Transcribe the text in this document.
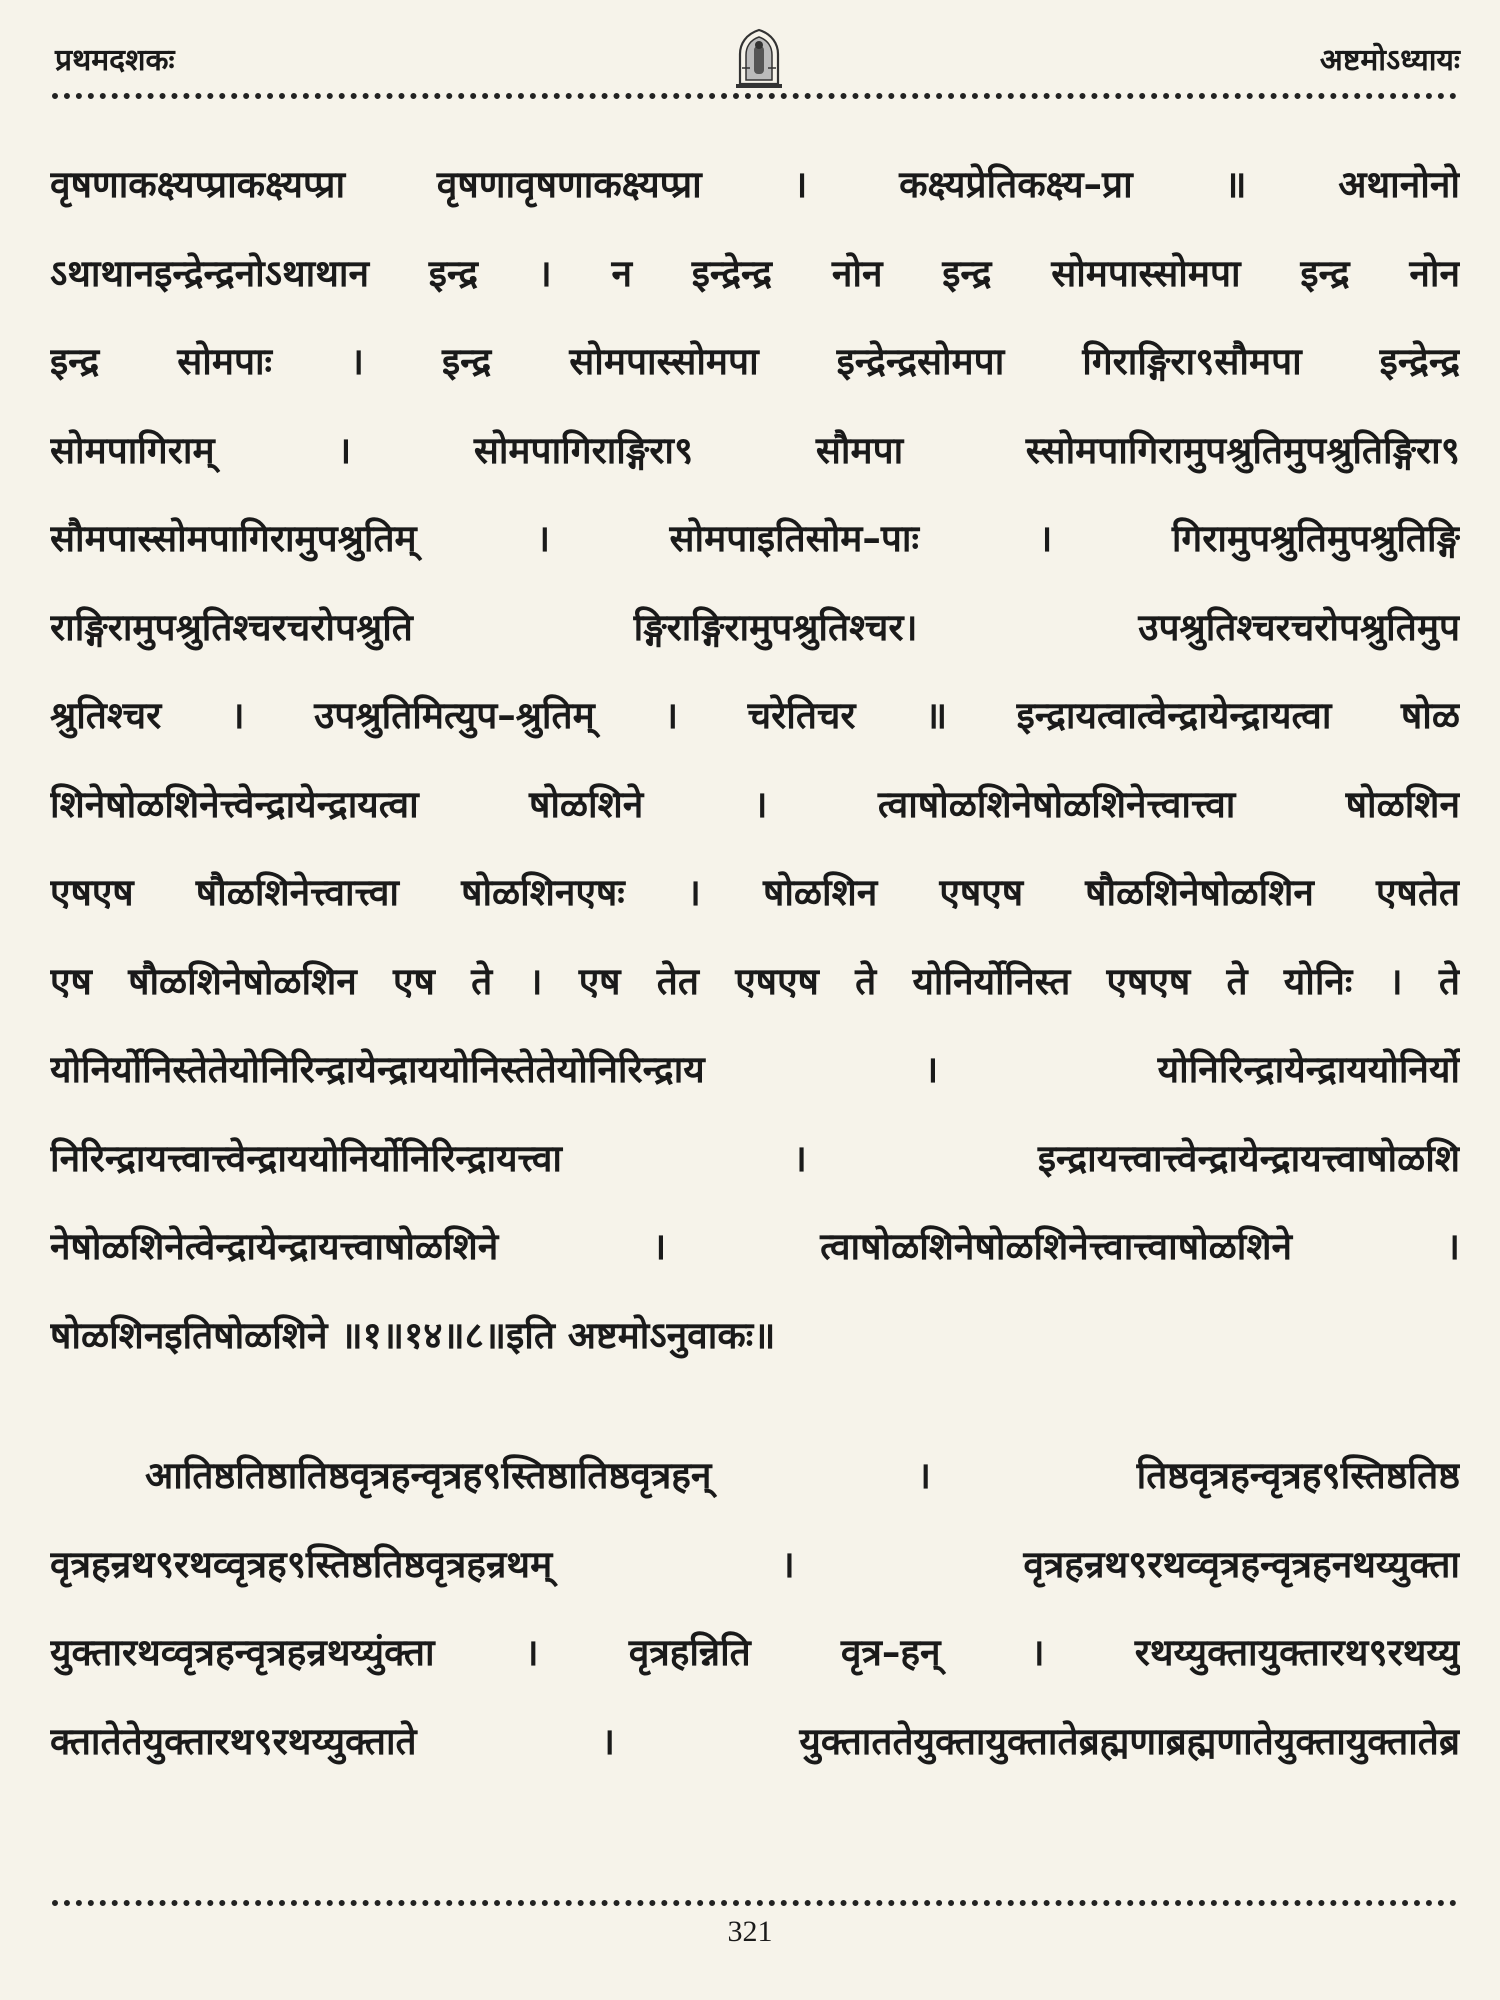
प्रथमदशकः	अष्टमोऽध्यायः
वृषणाकक्ष्यप्प्राकक्ष्यप्प्रा वृषणावृषणाकक्ष्यप्प्रा । कक्ष्यप्रेतिकक्ष्य–प्रा ॥ अथानोनो
ऽथाथानइन्द्रेन्द्रनोऽथाथान इन्द्र । न इन्द्रेन्द्र नोन इन्द्र सोमपास्सोमपा इन्द्र नोन
इन्द्र सोमपाः । इन्द्र सोमपास्सोमपा इन्द्रेन्द्रसोमपा गिराङ्गिरा९सौमपा इन्द्रेन्द्र
सोमपागिराम् । सोमपागिराङ्गिरा९ सौमपा स्सोमपागिरामुपश्रुतिमुपश्रुतिङ्गिरा९
सौमपास्सोमपागिरामुपश्रुतिम् । सोमपाइतिसोम–पाः । गिरामुपश्रुतिमुपश्रुतिङ्गि
राङ्गिरामुपश्रुतिश्चरचरोपश्रुति ङ्गिराङ्गिरामुपश्रुतिश्चर। उपश्रुतिश्चरचरोपश्रुतिमुप
श्रुतिश्चर । उपश्रुतिमित्युप–श्रुतिम् । चरेतिचर ॥ इन्द्रायत्वात्वेन्द्रायेन्द्रायत्वा षोळ
शिनेषोळशिनेत्त्वेन्द्रायेन्द्रायत्वा षोळशिने । त्वाषोळशिनेषोळशिनेत्त्वात्त्वा षोळशिन
एषएष षौळशिनेत्त्वात्त्वा षोळशिनएषः । षोळशिन एषएष षौळशिनेषोळशिन एषतेत
एष षौळशिनेषोळशिन एष ते । एष तेत एषएष ते योनिर्योनिस्त एषएष ते योनिः । ते
योनिर्योनिस्तेतेयोनिरिन्द्रायेन्द्राययोनिस्तेतेयोनिरिन्द्राय । योनिरिन्द्रायेन्द्राययोनिर्यो
निरिन्द्रायत्त्वात्त्वेन्द्राययोनिर्योनिरिन्द्रायत्त्वा । इन्द्रायत्त्वात्त्वेन्द्रायेन्द्रायत्त्वाषोळशि
नेषोळशिनेत्वेन्द्रायेन्द्रायत्त्वाषोळशिने । त्वाषोळशिनेषोळशिनेत्त्वात्त्वाषोळशिने ।
षोळशिनइतिषोळशिने ॥१॥१४॥८॥इति अष्टमोऽनुवाकः॥
आतिष्ठतिष्ठातिष्ठवृत्रहन्वृत्रह९स्तिष्ठातिष्ठवृत्रहन् । तिष्ठवृत्रहन्वृत्रह९स्तिष्ठतिष्ठ
वृत्रहन्रथ९रथव्वृत्रह९स्तिष्ठतिष्ठवृत्रहन्रथम् । वृत्रहन्रथ९रथव्वृत्रहन्वृत्रहनथय्युक्ता
युक्तारथव्वृत्रहन्वृत्रहन्रथय्युंक्ता । वृत्रहन्निति वृत्र–हन् । रथय्युक्तायुक्तारथ९रथय्यु
क्तातेतेयुक्तारथ९रथय्युक्ताते । युक्ताततेयुक्तायुक्तातेब्रह्मणाब्रह्मणातेयुक्तायुक्तातेब्र
321
